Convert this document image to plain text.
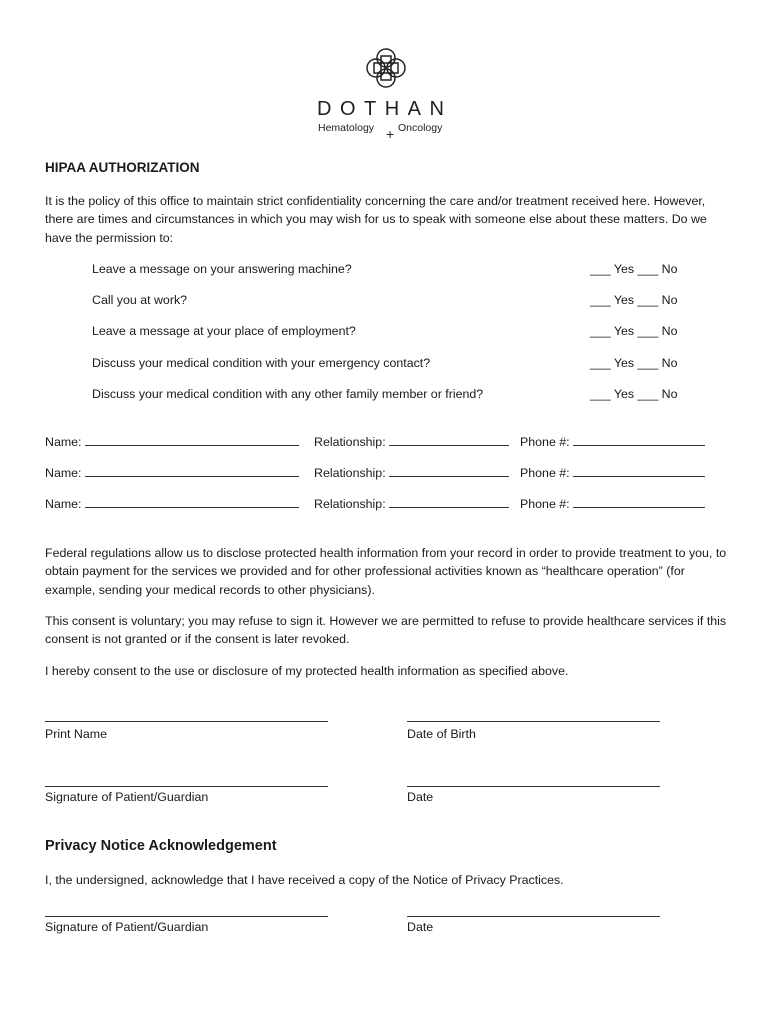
DOTHAN
Hematology + Oncology
HIPAA AUTHORIZATION
It is the policy of this office to maintain strict confidentiality concerning the care and/or treatment received here. However, there are times and circumstances in which you may wish for us to speak with someone else about these matters. Do we have the permission to:
Leave a message on your answering machine?	___ Yes ___ No
Call you at work?	___ Yes ___ No
Leave a message at your place of employment?	___ Yes ___ No
Discuss your medical condition with your emergency contact?	___ Yes ___ No
Discuss your medical condition with any other family member or friend?	___ Yes ___ No
Name:	Relationship:	Phone #:
Name:	Relationship:	Phone #:
Name:	Relationship:	Phone #:
Federal regulations allow us to disclose protected health information from your record in order to provide treatment to you, to obtain payment for the services we provided and for other professional activities known as “healthcare operation” (for example, sending your medical records to other physicians).
This consent is voluntary; you may refuse to sign it. However we are permitted to refuse to provide healthcare services if this consent is not granted or if the consent is later revoked.
I hereby consent to the use or disclosure of my protected health information as specified above.
Print Name	Date of Birth
Signature of Patient/Guardian	Date
Privacy Notice Acknowledgement
I, the undersigned, acknowledge that I have received a copy of the Notice of Privacy Practices.
Signature of Patient/Guardian	Date
